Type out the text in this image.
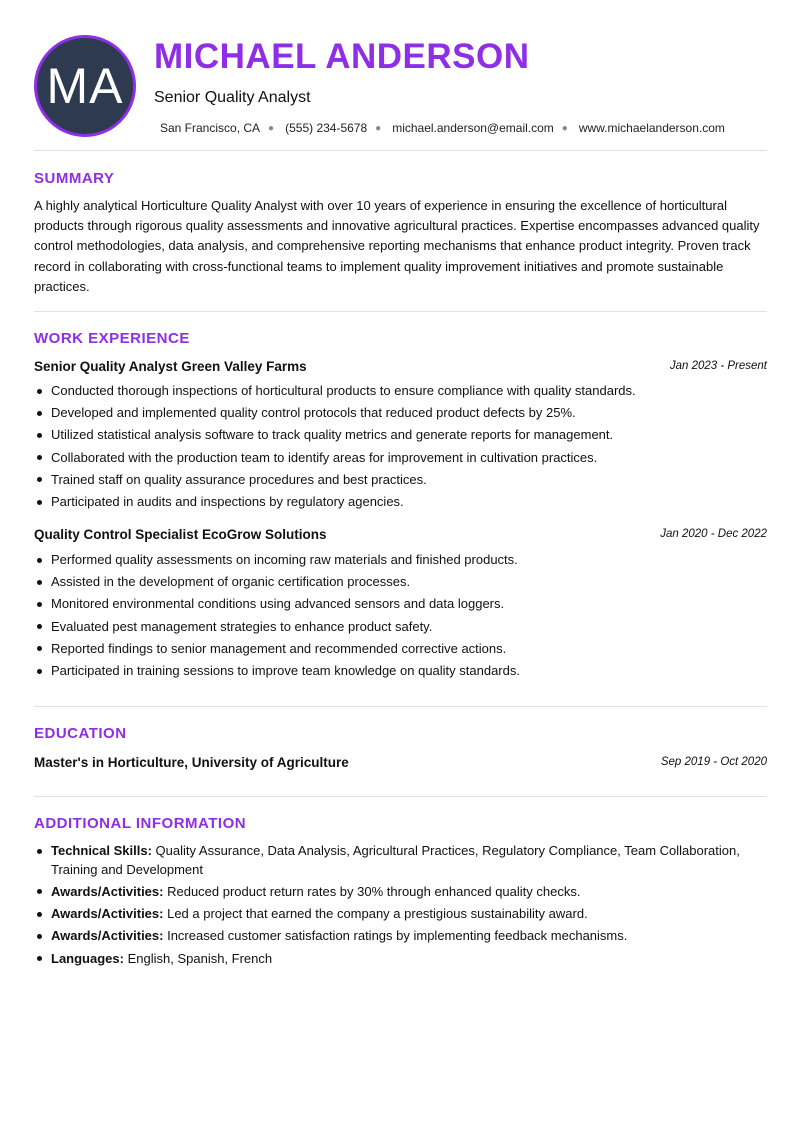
MA
MICHAEL ANDERSON
Senior Quality Analyst
San Francisco, CA ● (555) 234-5678 ● michael.anderson@email.com ● www.michaelanderson.com
SUMMARY

A highly analytical Horticulture Quality Analyst with over 10 years of experience in ensuring the excellence of horticultural products through rigorous quality assessments and innovative agricultural practices. Expertise encompasses advanced quality control methodologies, data analysis, and comprehensive reporting mechanisms that enhance product integrity. Proven track record in collaborating with cross-functional teams to implement quality improvement initiatives and promote sustainable practices.

WORK EXPERIENCE
Senior Quality Analyst Green Valley Farms	Jan 2023 - Present
Conducted thorough inspections of horticultural products to ensure compliance with quality standards.
Developed and implemented quality control protocols that reduced product defects by 25%.
Utilized statistical analysis software to track quality metrics and generate reports for management.
Collaborated with the production team to identify areas for improvement in cultivation practices.
Trained staff on quality assurance procedures and best practices.
Participated in audits and inspections by regulatory agencies.
Quality Control Specialist EcoGrow Solutions	Jan 2020 - Dec 2022
Performed quality assessments on incoming raw materials and finished products.
Assisted in the development of organic certification processes.
Monitored environmental conditions using advanced sensors and data loggers.
Evaluated pest management strategies to enhance product safety.
Reported findings to senior management and recommended corrective actions.
Participated in training sessions to improve team knowledge on quality standards.
EDUCATION
Master's in Horticulture, University of Agriculture	Sep 2019 - Oct 2020
ADDITIONAL INFORMATION
Technical Skills: Quality Assurance, Data Analysis, Agricultural Practices, Regulatory Compliance, Team Collaboration, Training and Development
Awards/Activities: Reduced product return rates by 30% through enhanced quality checks.
Awards/Activities: Led a project that earned the company a prestigious sustainability award.
Awards/Activities: Increased customer satisfaction ratings by implementing feedback mechanisms.
Languages: English, Spanish, French
